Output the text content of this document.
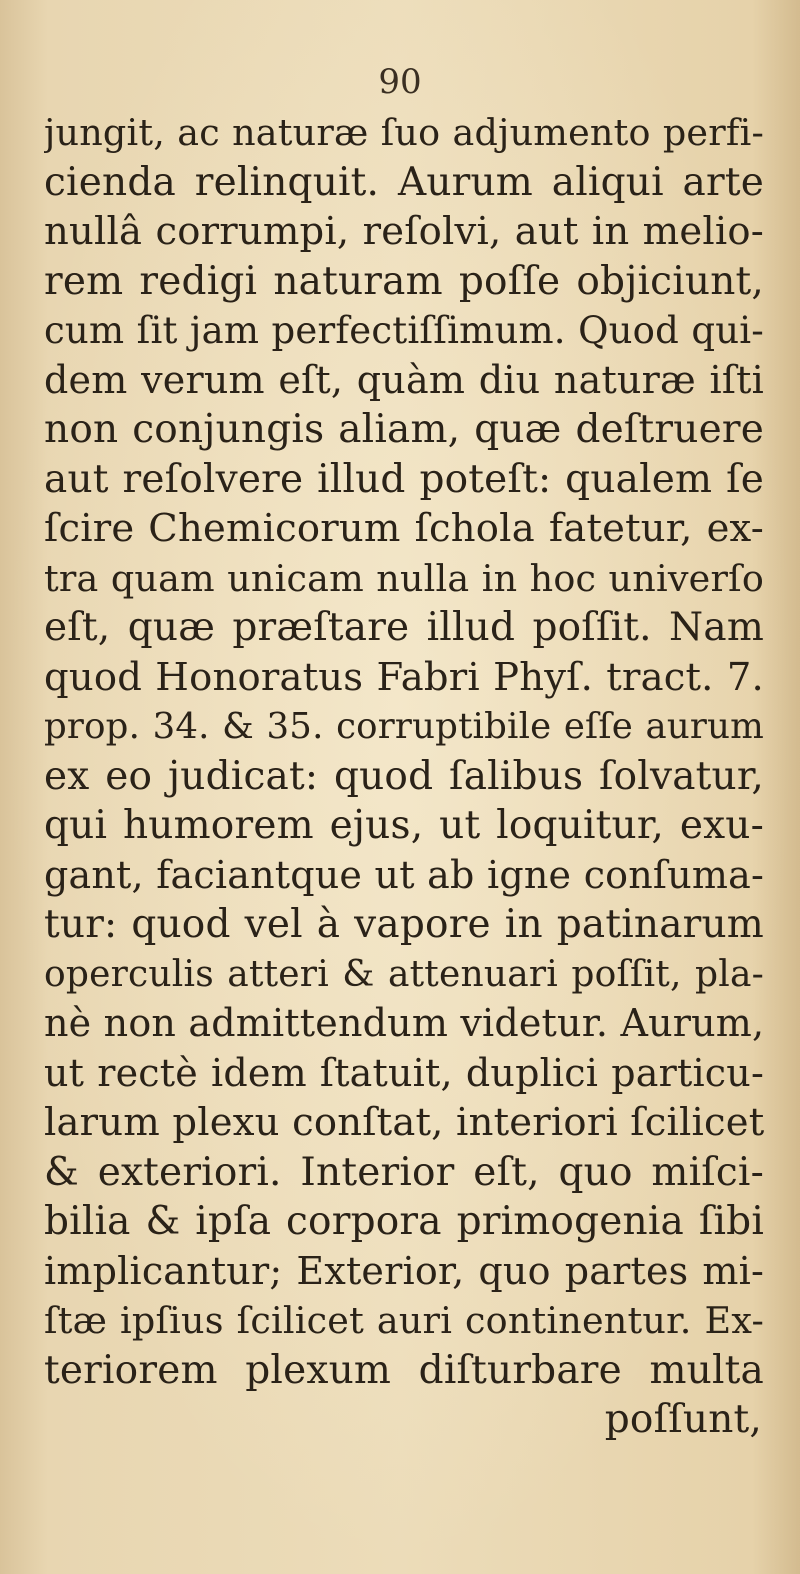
90
jungit, ac naturæ ſuo adjumento perfi-
cienda relinquit. Aurum aliqui arte
nullâ corrumpi, reſolvi, aut in melio-
rem redigi naturam poſſe objiciunt,
cum ſit jam perfectiſſimum. Quod qui-
dem verum eſt, quàm diu naturæ iſti
non conjungis aliam, quæ deſtruere
aut reſolvere illud poteſt: qualem ſe
ſcire Chemicorum ſchola fatetur, ex-
tra quam unicam nulla in hoc univerſo
eſt, quæ præſtare illud poſſit. Nam
quod Honoratus Fabri Phyſ. tract. 7.
prop. 34. & 35. corruptibile eſſe aurum
ex eo judicat: quod ſalibus ſolvatur,
qui humorem ejus, ut loquitur, exu-
gant, faciantque ut ab igne conſuma-
tur: quod vel à vapore in patinarum
operculis atteri & attenuari poſſit, pla-
nè non admittendum videtur. Aurum,
ut rectè idem ſtatuit, duplici particu-
larum plexu conſtat, interiori ſcilicet
& exteriori. Interior eſt, quo miſci-
bilia & ipſa corpora primogenia ſibi
implicantur; Exterior, quo partes mi-
ſtæ ipſius ſcilicet auri continentur. Ex-
teriorem plexum diſturbare multa
poſſunt,
